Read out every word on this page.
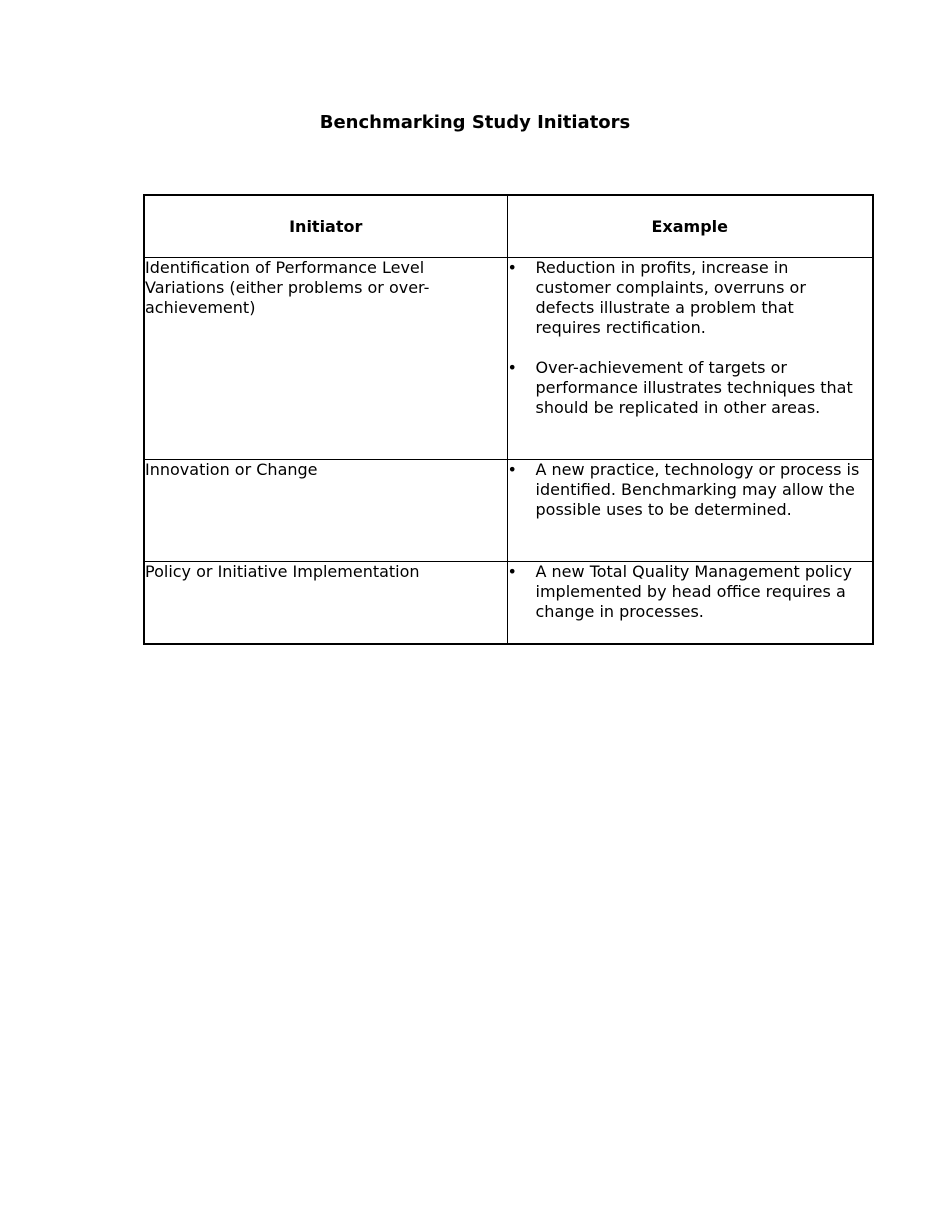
Benchmarking Study Initiators
Initiator	Example
Identification of Performance Level Variations (either problems or over-achievement)	• Reduction in profits, increase in customer complaints, overruns or defects illustrate a problem that requires rectification.
• Over-achievement of targets or performance illustrates techniques that should be replicated in other areas.

Innovation or Change	• A new practice, technology or process is identified. Benchmarking may allow the possible uses to be determined.

Policy or Initiative Implementation	• A new Total Quality Management policy implemented by head office requires a change in processes.
